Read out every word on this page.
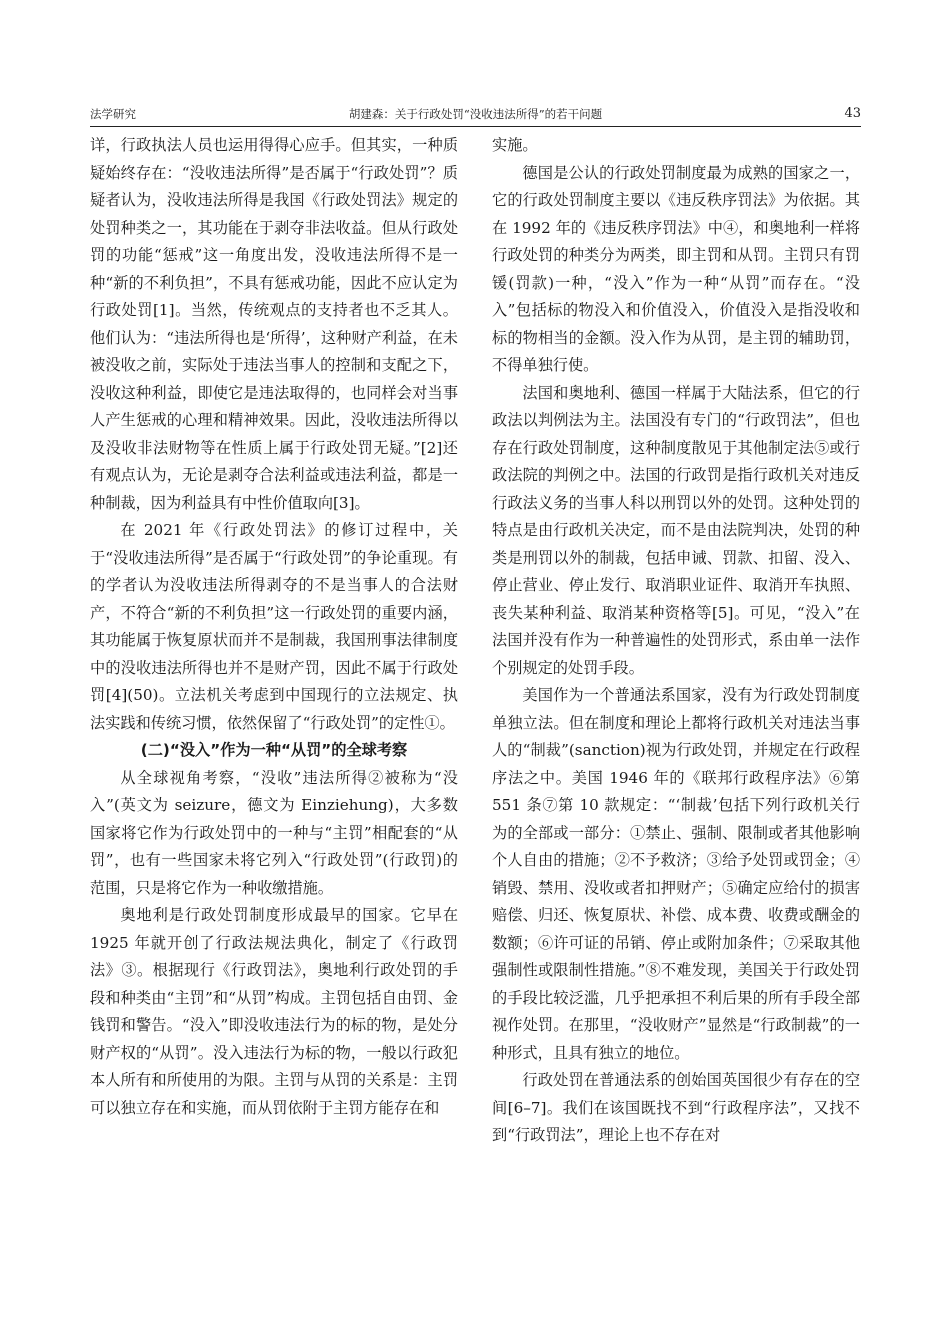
法学研究	胡建森：关于行政处罚“没收违法所得”的若干问题	43

详，行政执法人员也运用得得心应手。但其实，一种质疑始终存在：“没收违法所得”是否属于“行政处罚”？质疑者认为，没收违法所得是我国《行政处罚法》规定的处罚种类之一，其功能在于剥夺非法收益。但从行政处罚的功能“惩戒”这一角度出发，没收违法所得不是一种“新的不利负担”，不具有惩戒功能，因此不应认定为行政处罚[1]。当然，传统观点的支持者也不乏其人。他们认为：“违法所得也是‘所得’，这种财产利益，在未被没收之前，实际处于违法当事人的控制和支配之下，没收这种利益，即使它是违法取得的，也同样会对当事人产生惩戒的心理和精神效果。因此，没收违法所得以及没收非法财物等在性质上属于行政处罚无疑。”[2]还有观点认为，无论是剥夺合法利益或违法利益，都是一种制裁，因为利益具有中性价值取向[3]。

在 2021 年《行政处罚法》的修订过程中，关于“没收违法所得”是否属于“行政处罚”的争论重现。有的学者认为没收违法所得剥夺的不是当事人的合法财产，不符合“新的不利负担”这一行政处罚的重要内涵，其功能属于恢复原状而并不是制裁，我国刑事法律制度中的没收违法所得也并不是财产罚，因此不属于行政处罚[4](50)。立法机关考虑到中国现行的立法规定、执法实践和传统习惯，依然保留了“行政处罚”的定性①。

(二)“没入”作为一种“从罚”的全球考察

从全球视角考察，“没收”违法所得②被称为“没入”(英文为 seizure，德文为 Einziehung)，大多数国家将它作为行政处罚中的一种与“主罚”相配套的“从罚”，也有一些国家未将它列入“行政处罚”(行政罚)的范围，只是将它作为一种收缴措施。

奥地利是行政处罚制度形成最早的国家。它早在 1925 年就开创了行政法规法典化，制定了《行政罚法》③。根据现行《行政罚法》，奥地利行政处罚的手段和种类由“主罚”和“从罚”构成。主罚包括自由罚、金钱罚和警告。“没入”即没收违法行为的标的物，是处分财产权的“从罚”。没入违法行为标的物，一般以行政犯本人所有和所使用的为限。主罚与从罚的关系是：主罚可以独立存在和实施，而从罚依附于主罚方能存在和

实施。

德国是公认的行政处罚制度最为成熟的国家之一，它的行政处罚制度主要以《违反秩序罚法》为依据。其在 1992 年的《违反秩序罚法》中④，和奥地利一样将行政处罚的种类分为两类，即主罚和从罚。主罚只有罚锾(罚款)一种，“没入”作为一种“从罚”而存在。“没入”包括标的物没入和价值没入，价值没入是指没收和标的物相当的金额。没入作为从罚，是主罚的辅助罚，不得单独行使。

法国和奥地利、德国一样属于大陆法系，但它的行政法以判例法为主。法国没有专门的“行政罚法”，但也存在行政处罚制度，这种制度散见于其他制定法⑤或行政法院的判例之中。法国的行政罚是指行政机关对违反行政法义务的当事人科以刑罚以外的处罚。这种处罚的特点是由行政机关决定，而不是由法院判决，处罚的种类是刑罚以外的制裁，包括申诫、罚款、扣留、没入、停止营业、停止发行、取消职业证件、取消开车执照、丧失某种利益、取消某种资格等[5]。可见，“没入”在法国并没有作为一种普遍性的处罚形式，系由单一法作个别规定的处罚手段。

美国作为一个普通法系国家，没有为行政处罚制度单独立法。但在制度和理论上都将行政机关对违法当事人的“制裁”(sanction)视为行政处罚，并规定在行政程序法之中。美国 1946 年的《联邦行政程序法》⑥第 551 条⑦第 10 款规定：“‘制裁’包括下列行政机关行为的全部或一部分：①禁止、强制、限制或者其他影响个人自由的措施；②不予救济；③给予处罚或罚金；④销毁、禁用、没收或者扣押财产；⑤确定应给付的损害赔偿、归还、恢复原状、补偿、成本费、收费或酬金的数额；⑥许可证的吊销、停止或附加条件；⑦采取其他强制性或限制性措施。”⑧不难发现，美国关于行政处罚的手段比较泛滥，几乎把承担不利后果的所有手段全部视作处罚。在那里，“没收财产”显然是“行政制裁”的一种形式，且具有独立的地位。

行政处罚在普通法系的创始国英国很少有存在的空间[6–7]。我们在该国既找不到“行政程序法”，又找不到“行政罚法”，理论上也不存在对
